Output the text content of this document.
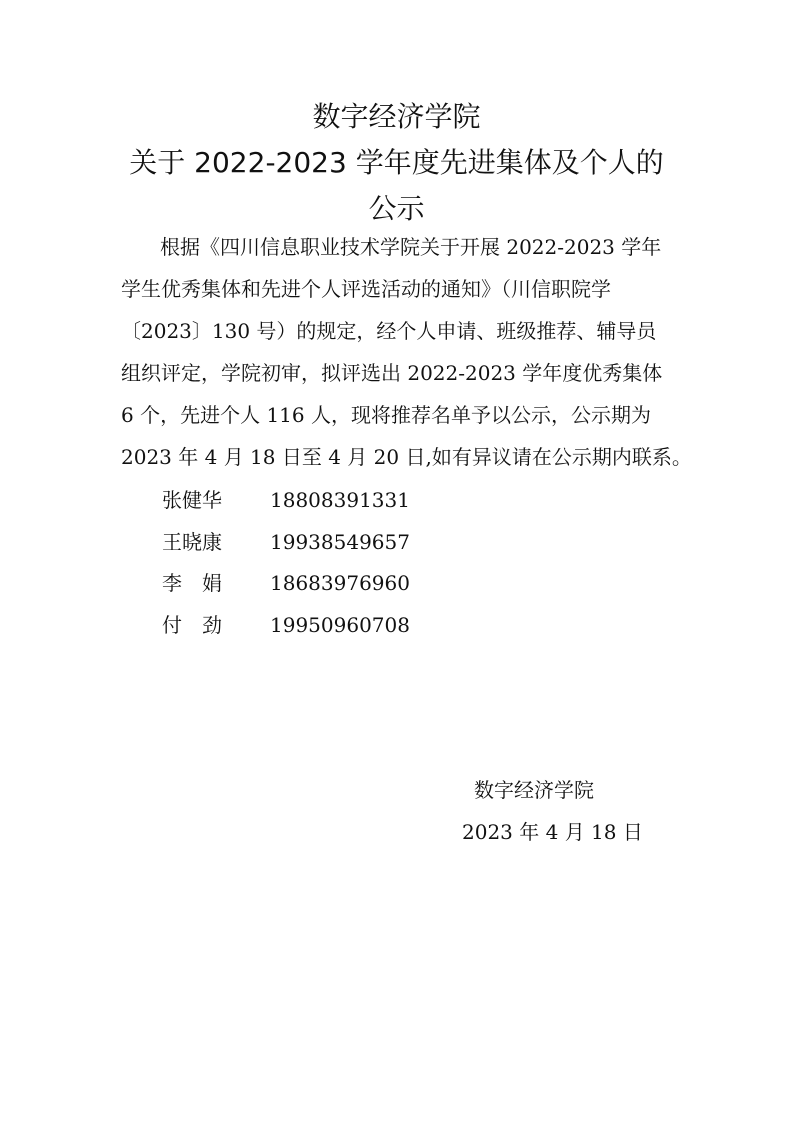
数字经济学院
关于 2022-2023 学年度先进集体及个人的
公示
根据《四川信息职业技术学院关于开展 2022-2023 学年
学生优秀集体和先进个人评选活动的通知》（川信职院学
〔2023〕130 号）的规定，经个人申请、班级推荐、辅导员
组织评定，学院初审，拟评选出 2022-2023 学年度优秀集体
6 个，先进个人 116 人，现将推荐名单予以公示，公示期为
2023 年 4 月 18 日至 4 月 20 日,如有异议请在公示期内联系。
张健华	18808391331
王晓康	19938549657
李　娟	18683976960
付　劲	19950960708
数字经济学院
2023 年 4 月 18 日
